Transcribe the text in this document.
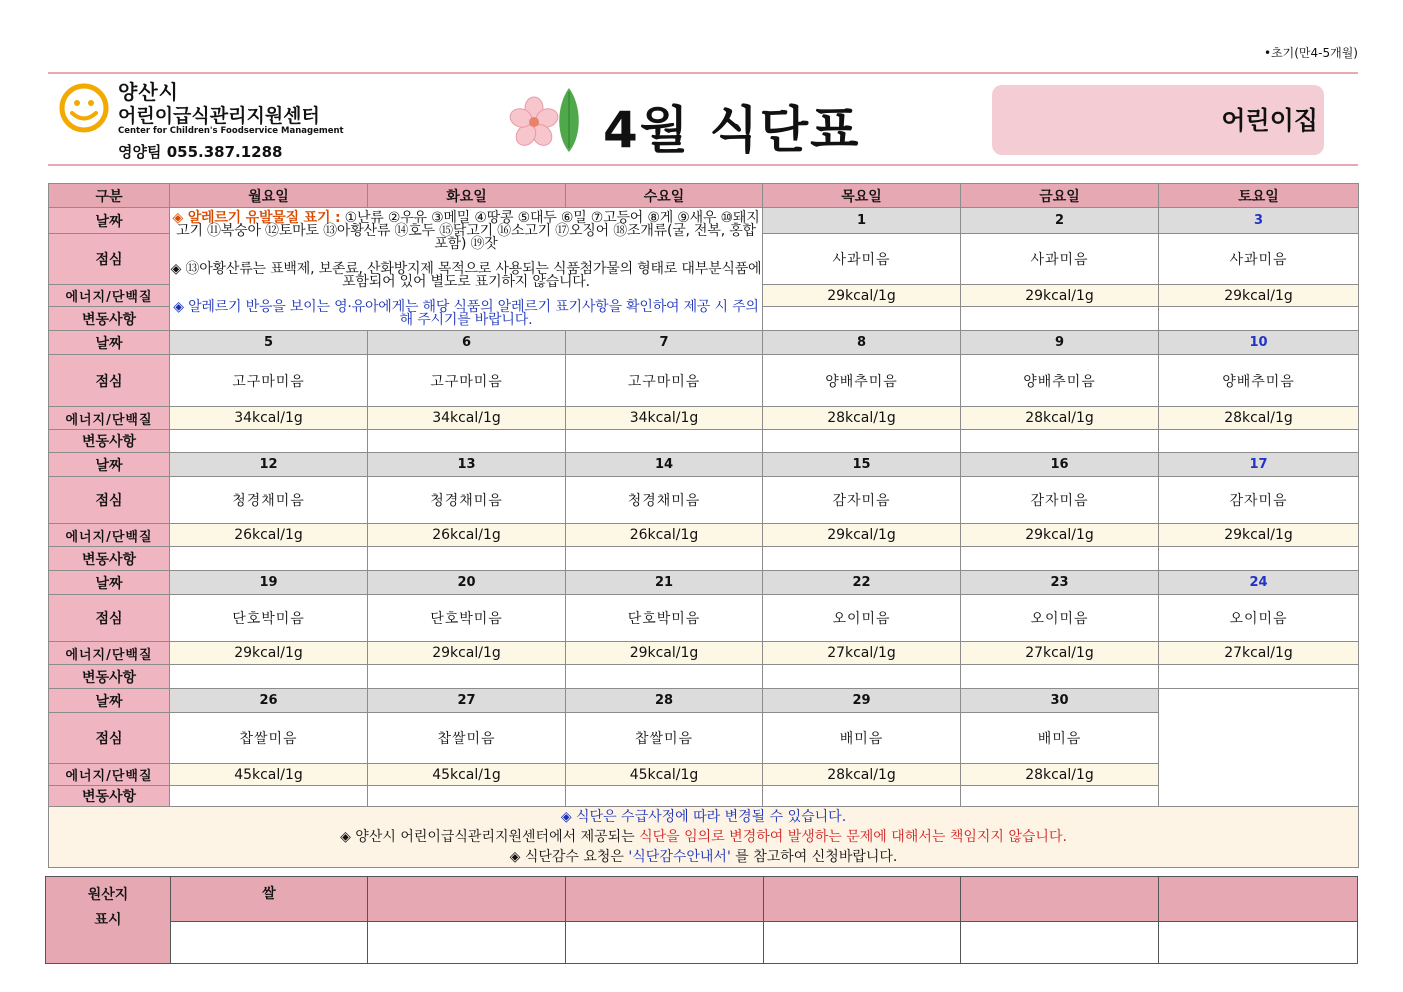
•초기(만4-5개월)
양산시
어린이급식관리지원센터
Center for Children's Foodservice Management
영양팀 055.387.1288	4월 식단표	어린이집
구분	월요일	화요일	수요일	목요일	금요일	토요일
날짜	◈ 알레르기 유발물질 표기 : ①난류 ②우유 ③메밀 ④땅콩 ⑤대두 ⑥밀 ⑦고등어 ⑧게 ⑨새우 ⑩돼지고기 ⑪복숭아 ⑫토마토 ⑬아황산류 ⑭호두 ⑮닭고기 ⑯소고기 ⑰오징어 ⑱조개류(굴, 전복, 홍합 포함) ⑲잣

◈ ⑬아황산류는 표백제, 보존료, 산화방지제 목적으로 사용되는 식품첨가물의 형태로 대부분식품에 포함되어 있어 별도로 표기하지 않습니다.

◈ 알레르기 반응을 보이는 영·유아에게는 해당 식품의 알레르기 표기사항을 확인하여 제공 시 주의해 주시기를 바랍니다.			1	2	3
점심				사과미음	사과미음	사과미음
에너지/단백질				29kcal/1g	29kcal/1g	29kcal/1g
변동사항						
날짜	5	6	7	8	9	10
점심	고구마미음	고구마미음	고구마미음	양배추미음	양배추미음	양배추미음
에너지/단백질	34kcal/1g	34kcal/1g	34kcal/1g	28kcal/1g	28kcal/1g	28kcal/1g
변동사항						
날짜	12	13	14	15	16	17
점심	청경채미음	청경채미음	청경채미음	감자미음	감자미음	감자미음
에너지/단백질	26kcal/1g	26kcal/1g	26kcal/1g	29kcal/1g	29kcal/1g	29kcal/1g
변동사항						
날짜	19	20	21	22	23	24
점심	단호박미음	단호박미음	단호박미음	오이미음	오이미음	오이미음
에너지/단백질	29kcal/1g	29kcal/1g	29kcal/1g	27kcal/1g	27kcal/1g	27kcal/1g
변동사항						
날짜	26	27	28	29	30	
점심	찹쌀미음	찹쌀미음	찹쌀미음	배미음	배미음	
에너지/단백질	45kcal/1g	45kcal/1g	45kcal/1g	28kcal/1g	28kcal/1g	
변동사항						

◈ 식단은 수급사정에 따라 변경될 수 있습니다.

◈ 양산시 어린이급식관리지원센터에서 제공되는 식단을 임의로 변경하여 발생하는 문제에 대해서는 책임지지 않습니다.

◈ 식단감수 요청은 '식단감수안내서' 를 참고하여 신청바랍니다.						

원산지
표시	쌀					
